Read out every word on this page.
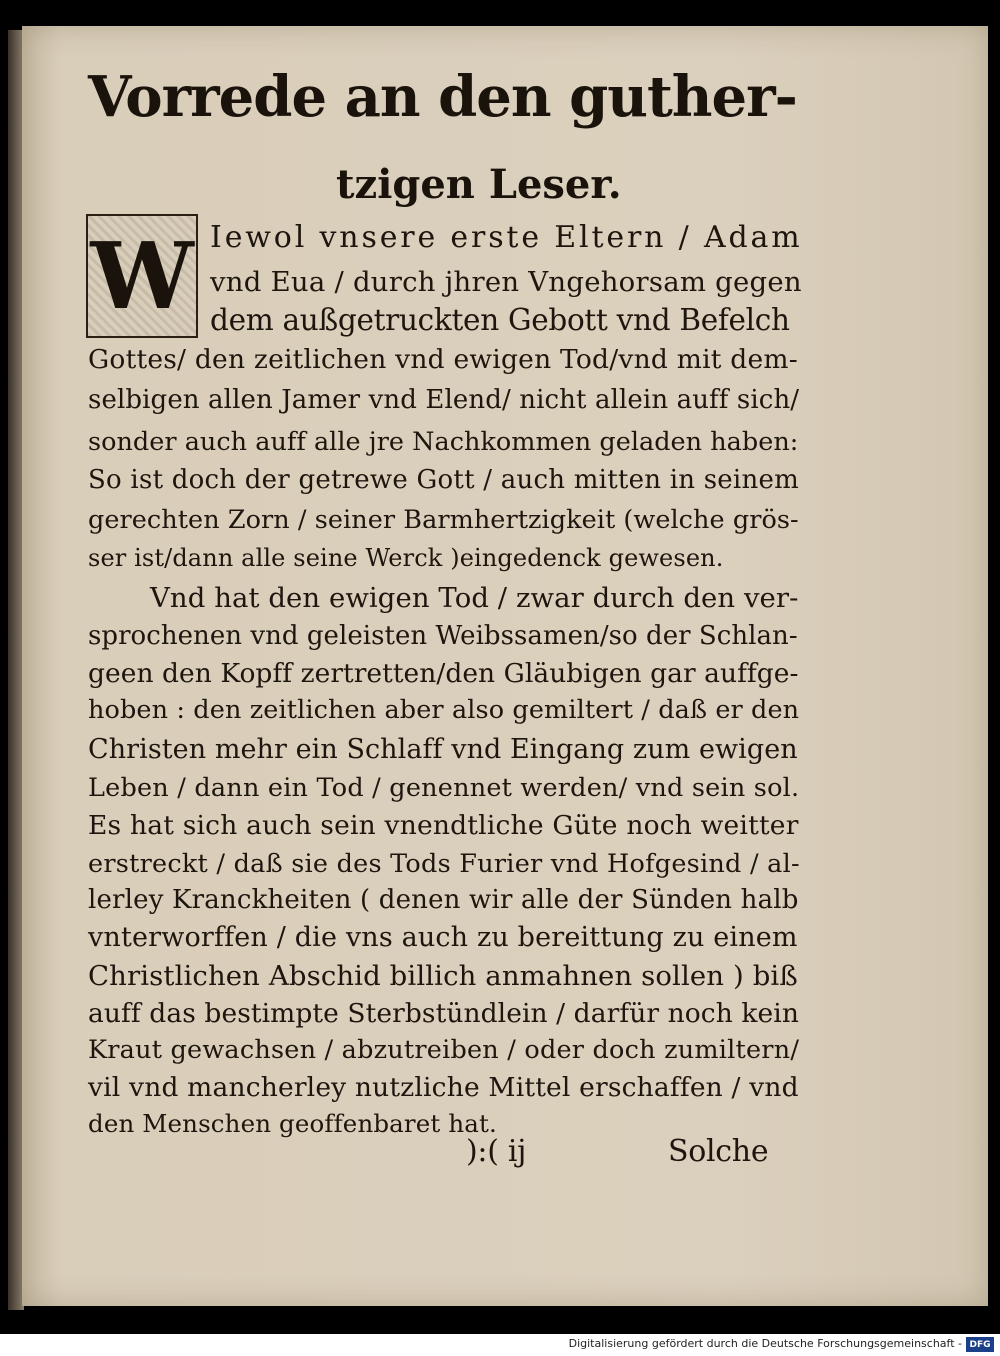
Vorrede an den guther-
tzigen Leser.
W Iewol vnsere erste Eltern / Adam
vnd Eua / durch jhren Vngehorsam gegen
dem außgetruckten Gebott vnd Befelch
Gottes/ den zeitlichen vnd ewigen Tod/vnd mit dem-
selbigen allen Jamer vnd Elend/ nicht allein auff sich/
sonder auch auff alle jre Nachkommen geladen haben:
So ist doch der getrewe Gott / auch mitten in seinem
gerechten Zorn / seiner Barmhertzigkeit (welche grös-
ser ist/dann alle seine Werck )eingedenck gewesen.
Vnd hat den ewigen Tod / zwar durch den ver-
sprochenen vnd geleisten Weibssamen/so der Schlan-
geen den Kopff zertretten/den Gläubigen gar auffge-
hoben : den zeitlichen aber also gemiltert / daß er den
Christen mehr ein Schlaff vnd Eingang zum ewigen
Leben / dann ein Tod / genennet werden/ vnd sein sol.
Es hat sich auch sein vnendtliche Güte noch weitter
erstreckt / daß sie des Tods Furier vnd Hofgesind / al-
lerley Kranckheiten ( denen wir alle der Sünden halb
vnterworffen / die vns auch zu bereittung zu einem
Christlichen Abschid billich anmahnen sollen ) biß
auff das bestimpte Sterbstündlein / darfür noch kein
Kraut gewachsen / abzutreiben / oder doch zumiltern/
vil vnd mancherley nutzliche Mittel erschaffen / vnd
den Menschen geoffenbaret hat.
):( ij	Solche
Digitalisierung gefördert durch die Deutsche Forschungsgemeinschaft - DFG
